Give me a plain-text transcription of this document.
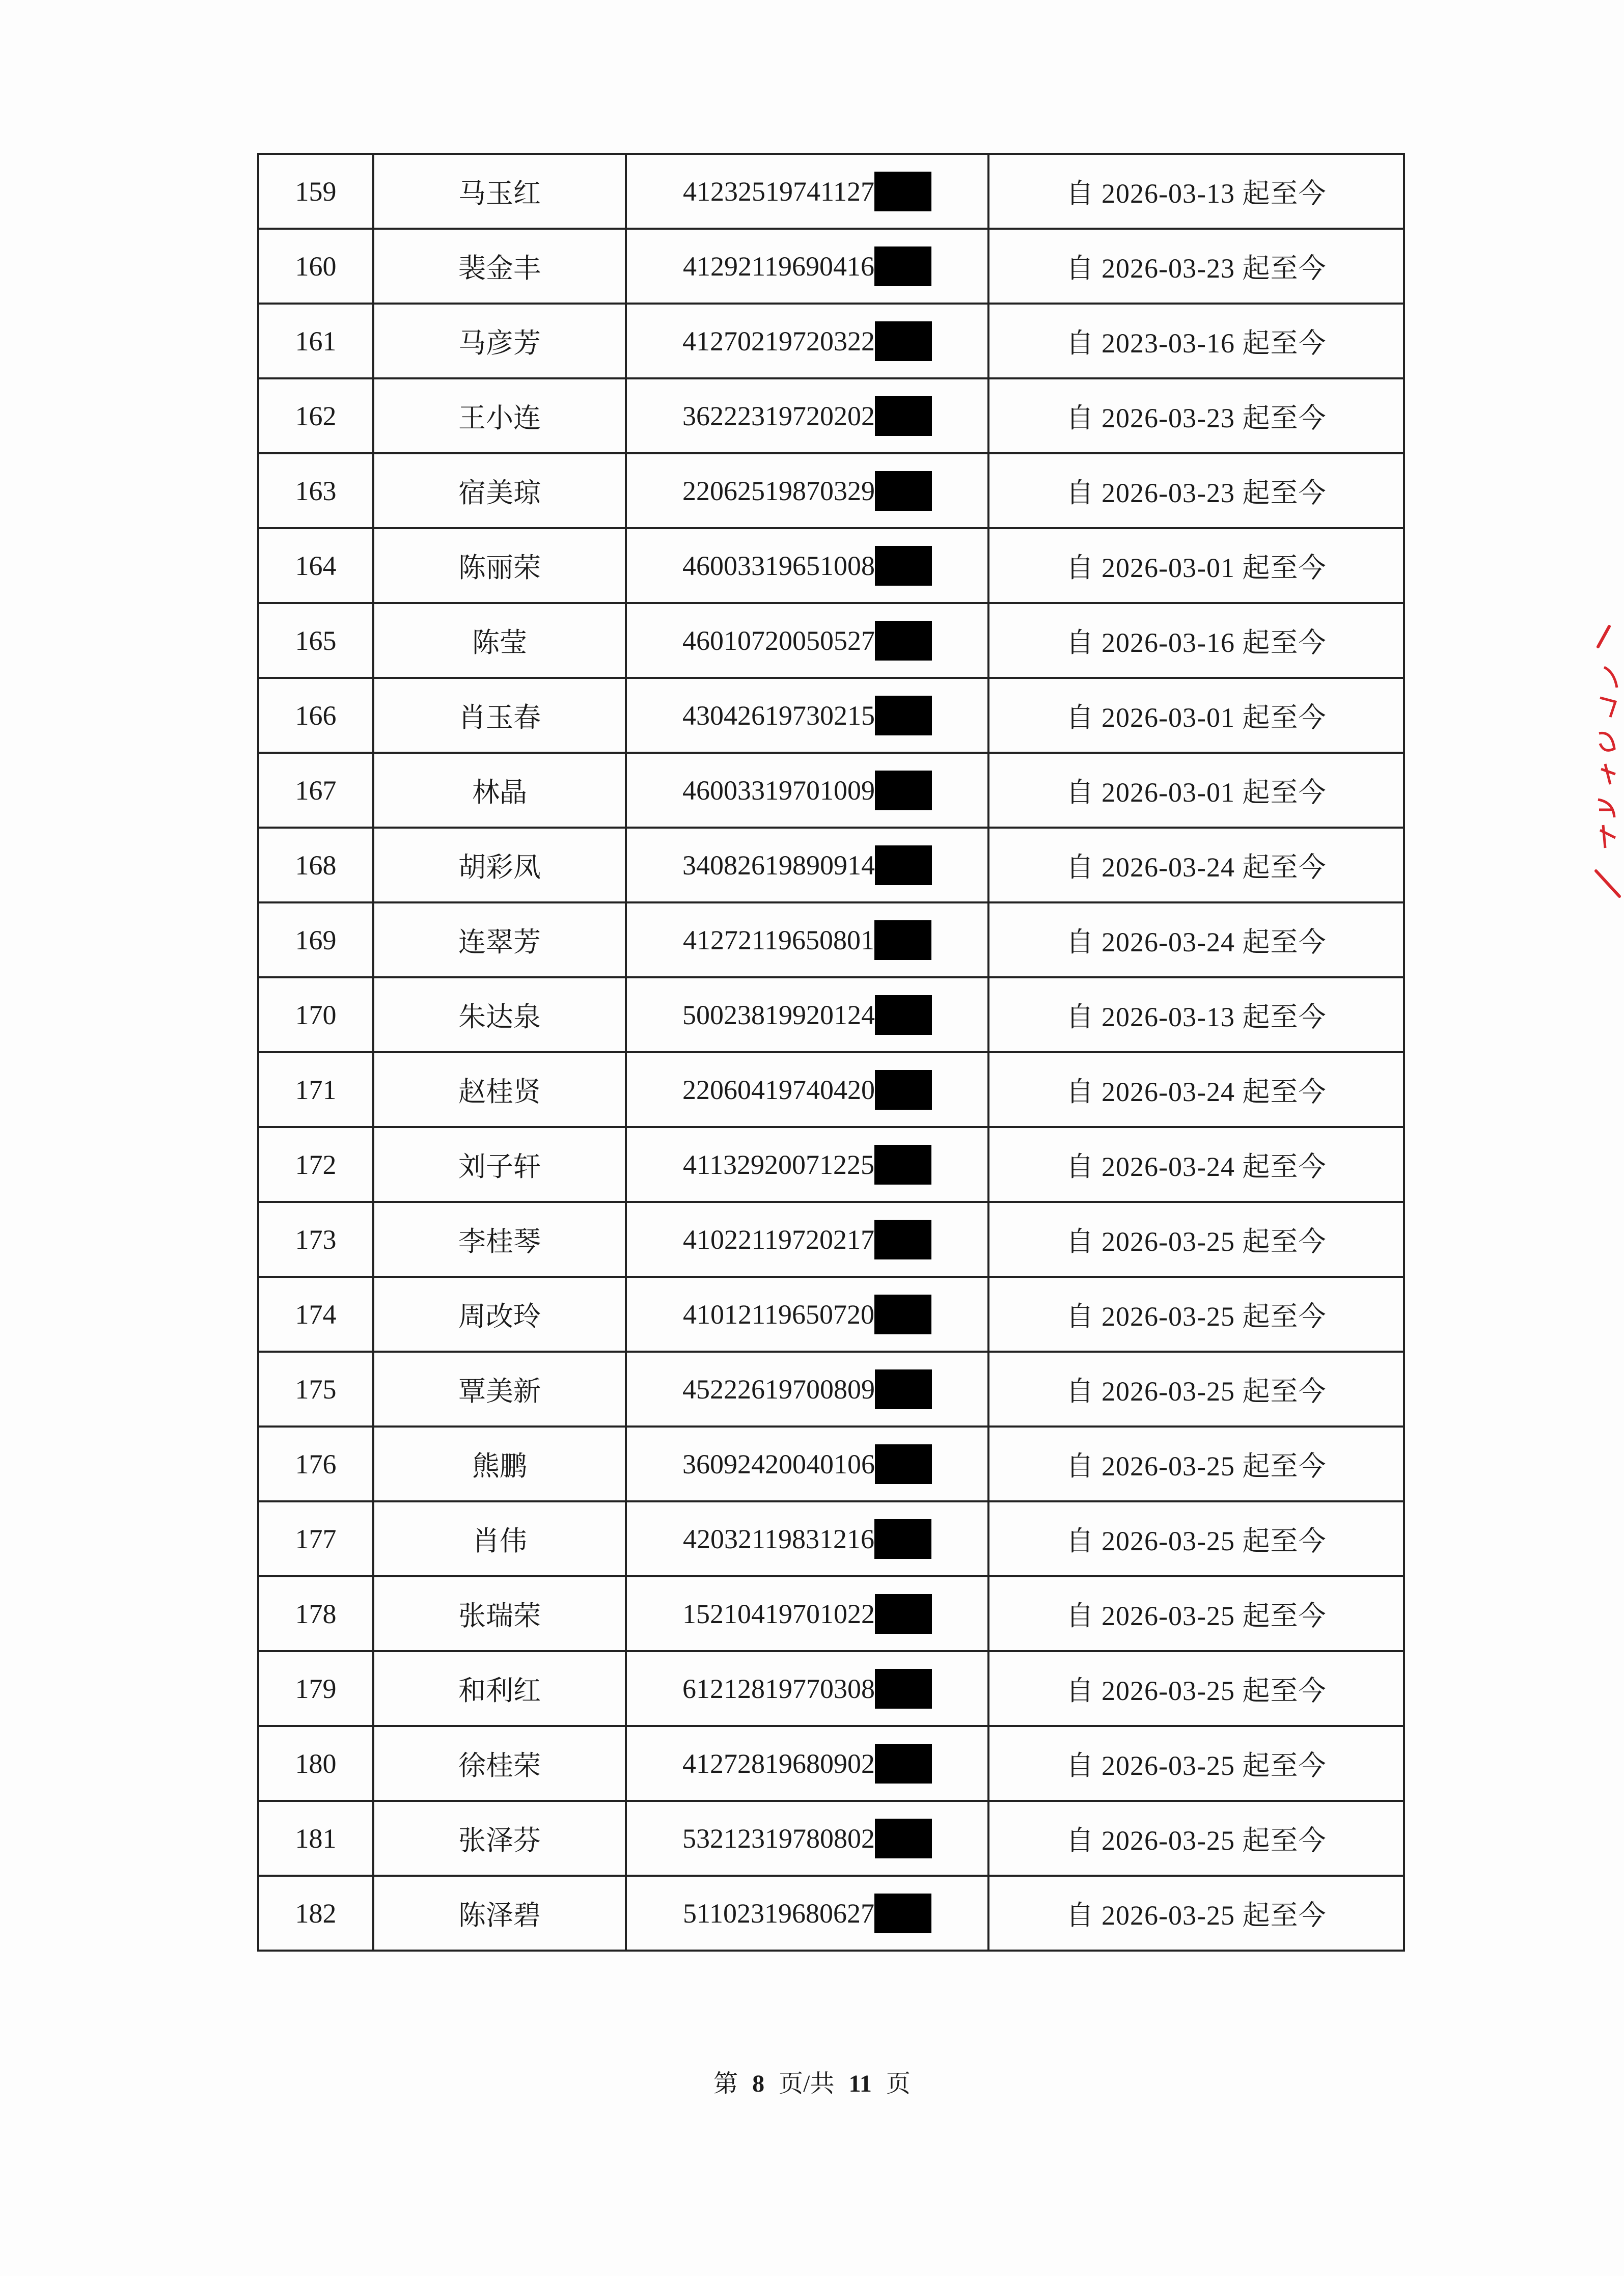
159	马玉红	41232519741127	自 2026-03-13 起至今
160	裴金丰	41292119690416	自 2026-03-23 起至今
161	马彦芳	41270219720322	自 2023-03-16 起至今
162	王小连	36222319720202	自 2026-03-23 起至今
163	宿美琼	22062519870329	自 2026-03-23 起至今
164	陈丽荣	46003319651008	自 2026-03-01 起至今
165	陈莹	46010720050527	自 2026-03-16 起至今
166	肖玉春	43042619730215	自 2026-03-01 起至今
167	林晶	46003319701009	自 2026-03-01 起至今
168	胡彩凤	34082619890914	自 2026-03-24 起至今
169	连翠芳	41272119650801	自 2026-03-24 起至今
170	朱达泉	50023819920124	自 2026-03-13 起至今
171	赵桂贤	22060419740420	自 2026-03-24 起至今
172	刘子轩	41132920071225	自 2026-03-24 起至今
173	李桂琴	41022119720217	自 2026-03-25 起至今
174	周改玲	41012119650720	自 2026-03-25 起至今
175	覃美新	45222619700809	自 2026-03-25 起至今
176	熊鹏	36092420040106	自 2026-03-25 起至今
177	肖伟	42032119831216	自 2026-03-25 起至今
178	张瑞荣	15210419701022	自 2026-03-25 起至今
179	和利红	61212819770308	自 2026-03-25 起至今
180	徐桂荣	41272819680902	自 2026-03-25 起至今
181	张泽芬	53212319780802	自 2026-03-25 起至今
182	陈泽碧	51102319680627	自 2026-03-25 起至今
第 8 页/共 11 页
